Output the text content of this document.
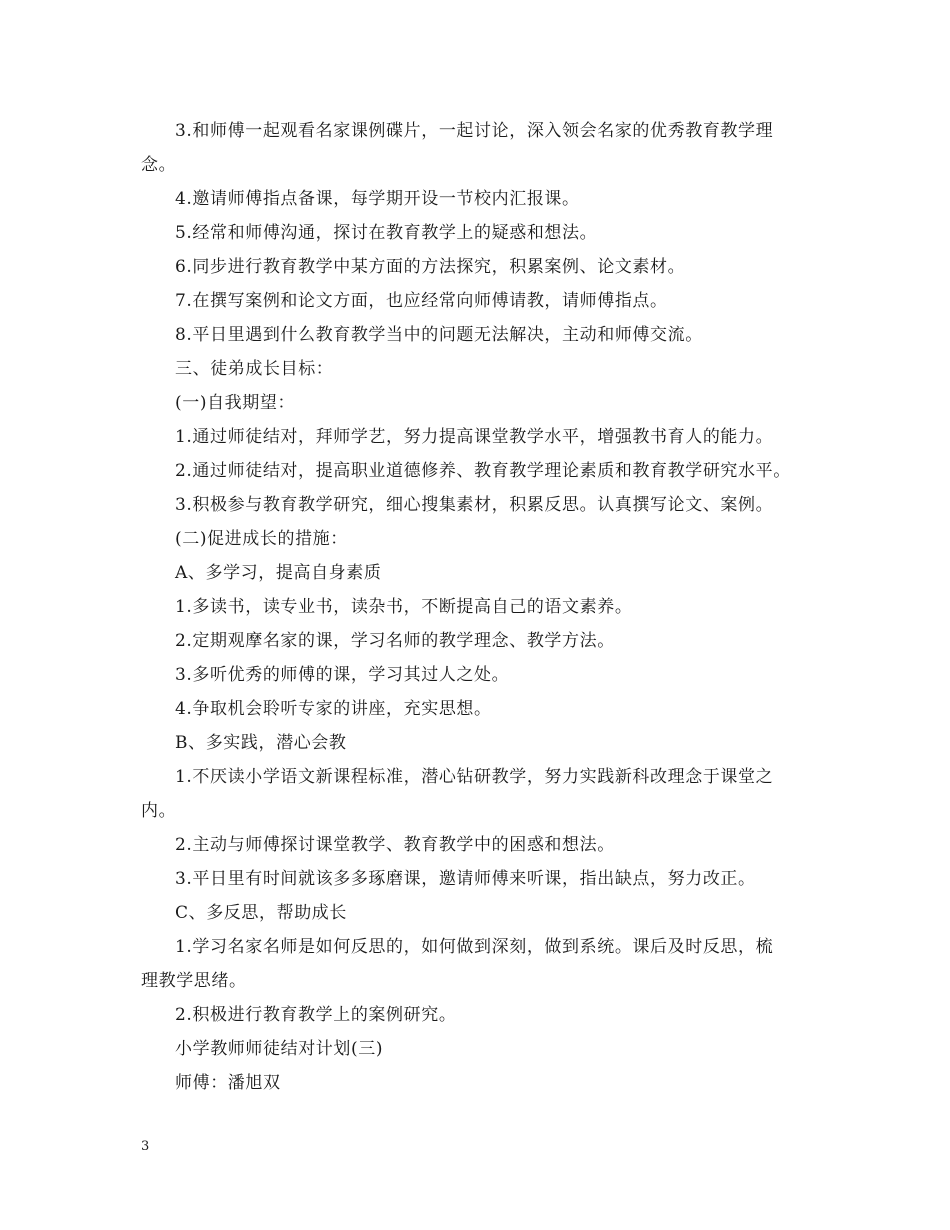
3.和师傅一起观看名家课例碟片，一起讨论，深入领会名家的优秀教育教学理
念。
4.邀请师傅指点备课，每学期开设一节校内汇报课。
5.经常和师傅沟通，探讨在教育教学上的疑惑和想法。
6.同步进行教育教学中某方面的方法探究，积累案例、论文素材。
7.在撰写案例和论文方面，也应经常向师傅请教，请师傅指点。
8.平日里遇到什么教育教学当中的问题无法解决，主动和师傅交流。
三、徒弟成长目标：
(一)自我期望：
1.通过师徒结对，拜师学艺，努力提高课堂教学水平，增强教书育人的能力。
2.通过师徒结对，提高职业道德修养、教育教学理论素质和教育教学研究水平。
3.积极参与教育教学研究，细心搜集素材，积累反思。认真撰写论文、案例。
(二)促进成长的措施：
A、多学习，提高自身素质
1.多读书，读专业书，读杂书，不断提高自己的语文素养。
2.定期观摩名家的课，学习名师的教学理念、教学方法。
3.多听优秀的师傅的课，学习其过人之处。
4.争取机会聆听专家的讲座，充实思想。
B、多实践，潜心会教
1.不厌读小学语文新课程标准，潜心钻研教学，努力实践新科改理念于课堂之
内。
2.主动与师傅探讨课堂教学、教育教学中的困惑和想法。
3.平日里有时间就该多多琢磨课，邀请师傅来听课，指出缺点，努力改正。
C、多反思，帮助成长
1.学习名家名师是如何反思的，如何做到深刻，做到系统。课后及时反思，梳
理教学思绪。
2.积极进行教育教学上的案例研究。
小学教师师徒结对计划(三)
师傅：潘旭双
3
